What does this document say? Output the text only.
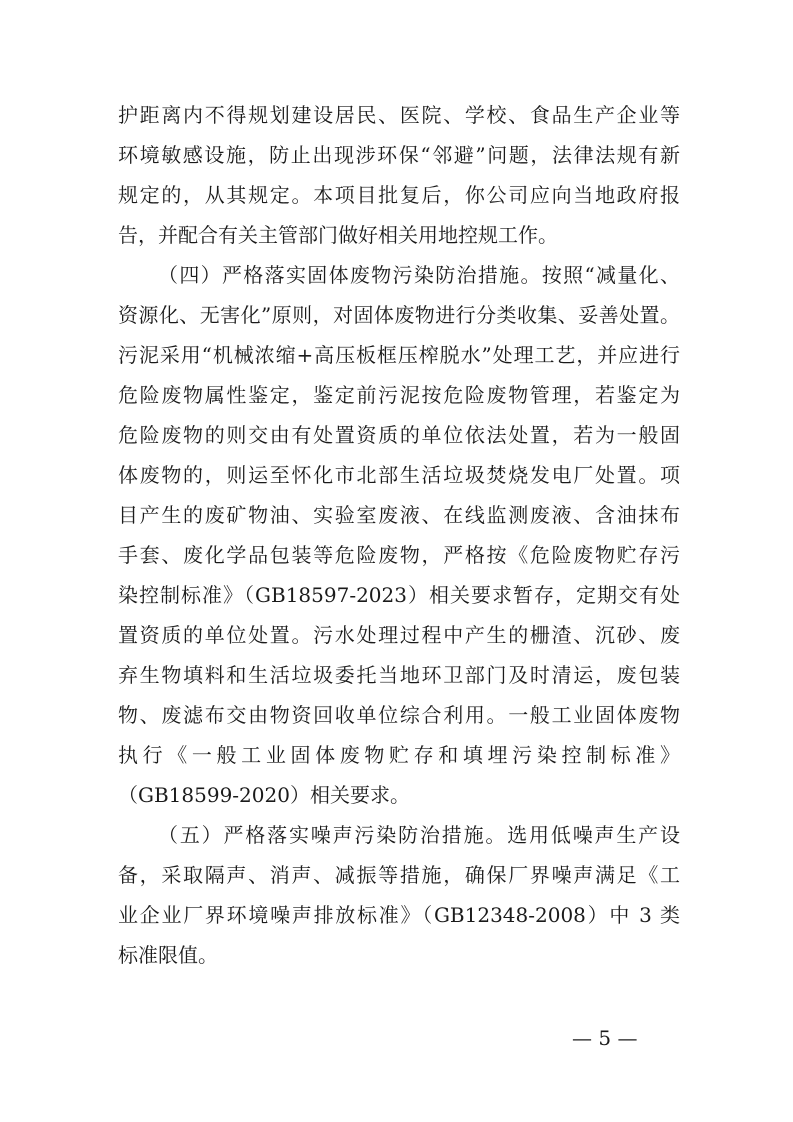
护距离内不得规划建设居民、医院、学校、食品生产企业等
环境敏感设施，防止出现涉环保“邻避”问题，法律法规有新
规定的，从其规定。本项目批复后，你公司应向当地政府报
告，并配合有关主管部门做好相关用地控规工作。
（四）严格落实固体废物污染防治措施。按照“减量化、
资源化、无害化”原则，对固体废物进行分类收集、妥善处置。
污泥采用“机械浓缩+高压板框压榨脱水”处理工艺，并应进行
危险废物属性鉴定，鉴定前污泥按危险废物管理，若鉴定为
危险废物的则交由有处置资质的单位依法处置，若为一般固
体废物的，则运至怀化市北部生活垃圾焚烧发电厂处置。项
目产生的废矿物油、实验室废液、在线监测废液、含油抹布
手套、废化学品包装等危险废物，严格按《危险废物贮存污
染控制标准》（GB18597-2023）相关要求暂存，定期交有处
置资质的单位处置。污水处理过程中产生的栅渣、沉砂、废
弃生物填料和生活垃圾委托当地环卫部门及时清运，废包装
物、废滤布交由物资回收单位综合利用。一般工业固体废物
执行《一般工业固体废物贮存和填埋污染控制标准》
（GB18599-2020）相关要求。
（五）严格落实噪声污染防治措施。选用低噪声生产设
备，采取隔声、消声、减振等措施，确保厂界噪声满足《工
业企业厂界环境噪声排放标准》（GB12348-2008）中 3 类
标准限值。
— 5 —
